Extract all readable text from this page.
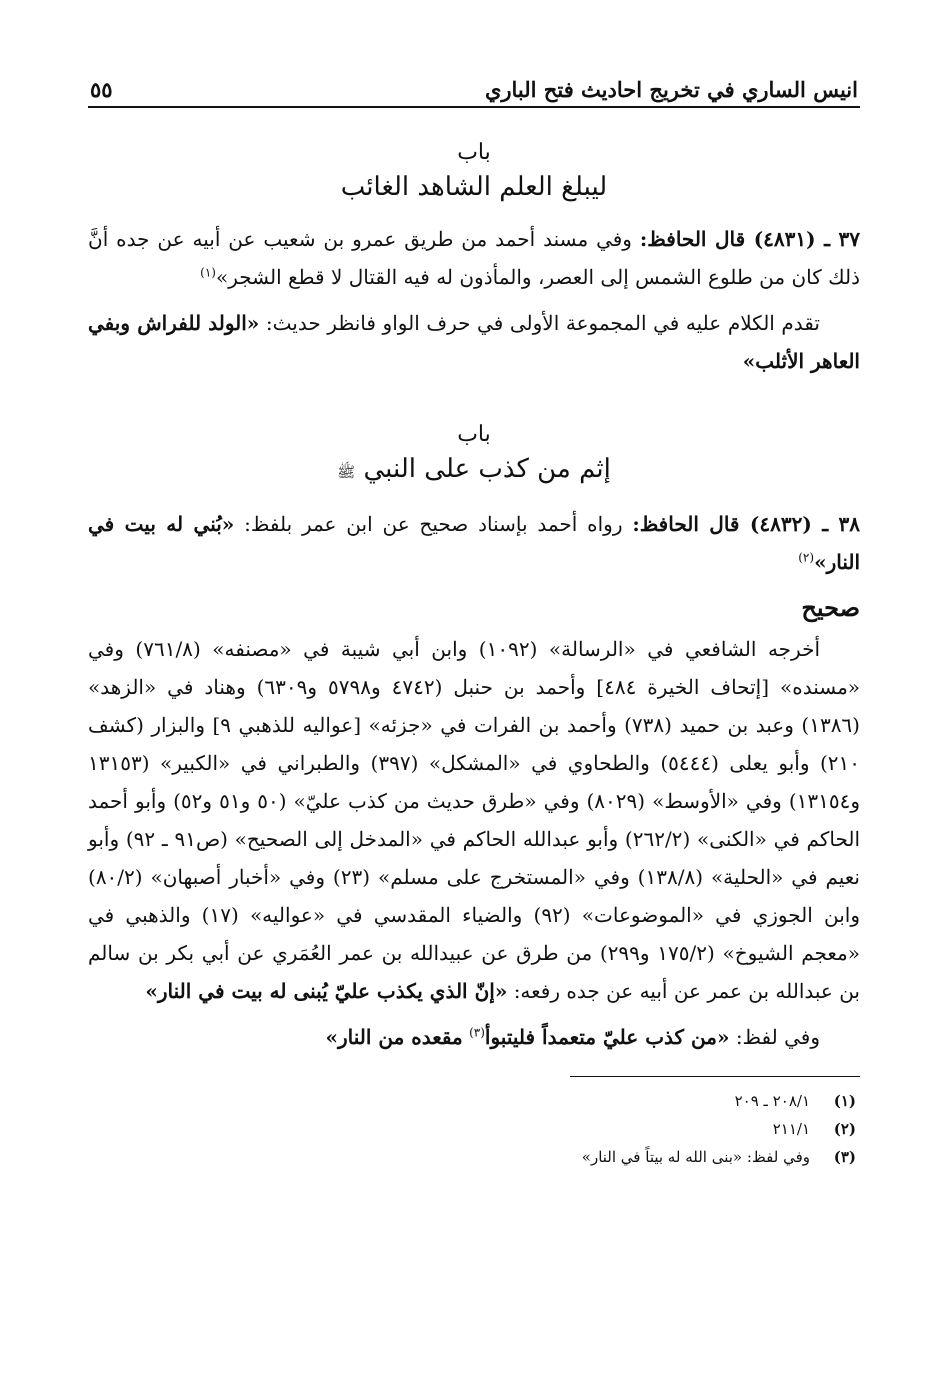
انيس الساري في تخريج احاديث فتح الباري
٥٥
باب
ليبلغ العلم الشاهد الغائب

٣٧ ـ (٤٨٣١) قال الحافظ: وفي مسند أحمد من طريق عمرو بن شعيب عن أبيه عن جده أنَّ ذلك كان من طلوع الشمس إلى العصر، والمأذون له فيه القتال لا قطع الشجر»$^{(١)}$

تقدم الكلام عليه في المجموعة الأولى في حرف الواو فانظر حديث: «الولد للفراش وبفي العاهر الأثلب»

باب
إثم من كذب على النبي ﷺ

٣٨ ـ (٤٨٣٢) قال الحافظ: رواه أحمد بإسناد صحيح عن ابن عمر بلفظ: «بُني له بيت في النار»$^{(٢)}$

صحيح

أخرجه الشافعي في «الرسالة» (١٠٩٢) وابن أبي شيبة في «مصنفه» (٧٦١/٨) وفي «مسنده» [إتحاف الخيرة ٤٨٤] وأحمد بن حنبل (٤٧٤٢ و٥٧٩٨ و٦٣٠٩) وهناد في «الزهد» (١٣٨٦) وعبد بن حميد (٧٣٨) وأحمد بن الفرات في «جزئه» [عواليه للذهبي ٩] والبزار (كشف ٢١٠) وأبو يعلى (٥٤٤٤) والطحاوي في «المشكل» (٣٩٧) والطبراني في «الكبير» (١٣١٥٣ و١٣١٥٤) وفي «الأوسط» (٨٠٢٩) وفي «طرق حديث من كذب عليّ» (٥٠ و٥١ و٥٢) وأبو أحمد الحاكم في «الكنى» (٢٦٢/٢) وأبو عبدالله الحاكم في «المدخل إلى الصحيح» (ص٩١ ـ ٩٢) وأبو نعيم في «الحلية» (١٣٨/٨) وفي «المستخرج على مسلم» (٢٣) وفي «أخبار أصبهان» (٨٠/٢) وابن الجوزي في «الموضوعات» (٩٢) والضياء المقدسي في «عواليه» (١٧) والذهبي في «معجم الشيوخ» (١٧٥/٢ و٢٩٩) من طرق عن عبيدالله بن عمر العُمَري عن أبي بكر بن سالم بن عبدالله بن عمر عن أبيه عن جده رفعه: «إنّ الذي يكذب عليّ يُبنى له بيت في النار»

وفي لفظ: «من كذب عليّ متعمداً فليتبوأ$^{(٣)}$ مقعده من النار»

(١)
٢٠٨/١ ـ ٢٠٩
(٢)
٢١١/١
(٣)
وفي لفظ: «بنى الله له بيتاً في النار»
